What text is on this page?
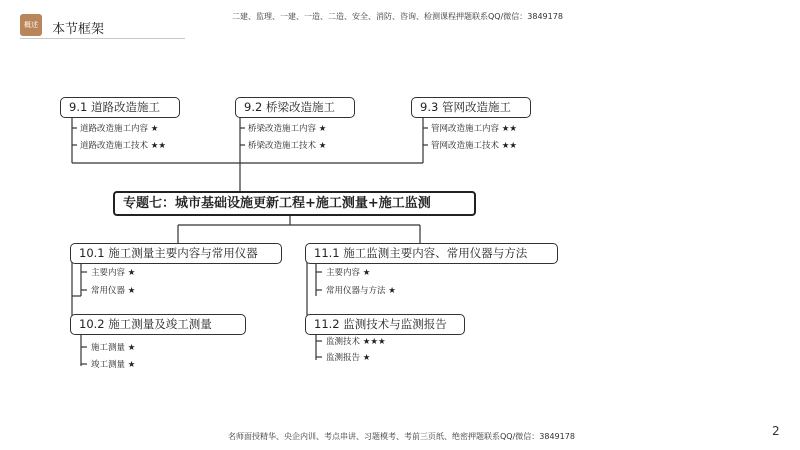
概述	本节框架
二建、监理、一建、一造、二造、安全、消防、咨询、检测课程押题联系QQ/微信：3849178
9.1 道路改造施工
道路改造施工内容 ★
道路改造施工技术 ★★
9.2 桥梁改造施工
桥梁改造施工内容 ★
桥梁改造施工技术 ★
9.3 管网改造施工
管网改造施工内容 ★★
管网改造施工技术 ★★
专题七：城市基础设施更新工程+施工测量+施工监测
10.1 施工测量主要内容与常用仪器
主要内容 ★
常用仪器 ★
10.2 施工测量及竣工测量
施工测量 ★
竣工测量 ★
11.1 施工监测主要内容、常用仪器与方法
主要内容 ★
常用仪器与方法 ★
11.2 监测技术与监测报告
监测技术 ★★★
监测报告 ★
名师面授精华、央企内训、考点串讲、习题模考、考前三页纸、绝密押题联系QQ/微信：3849178	2
